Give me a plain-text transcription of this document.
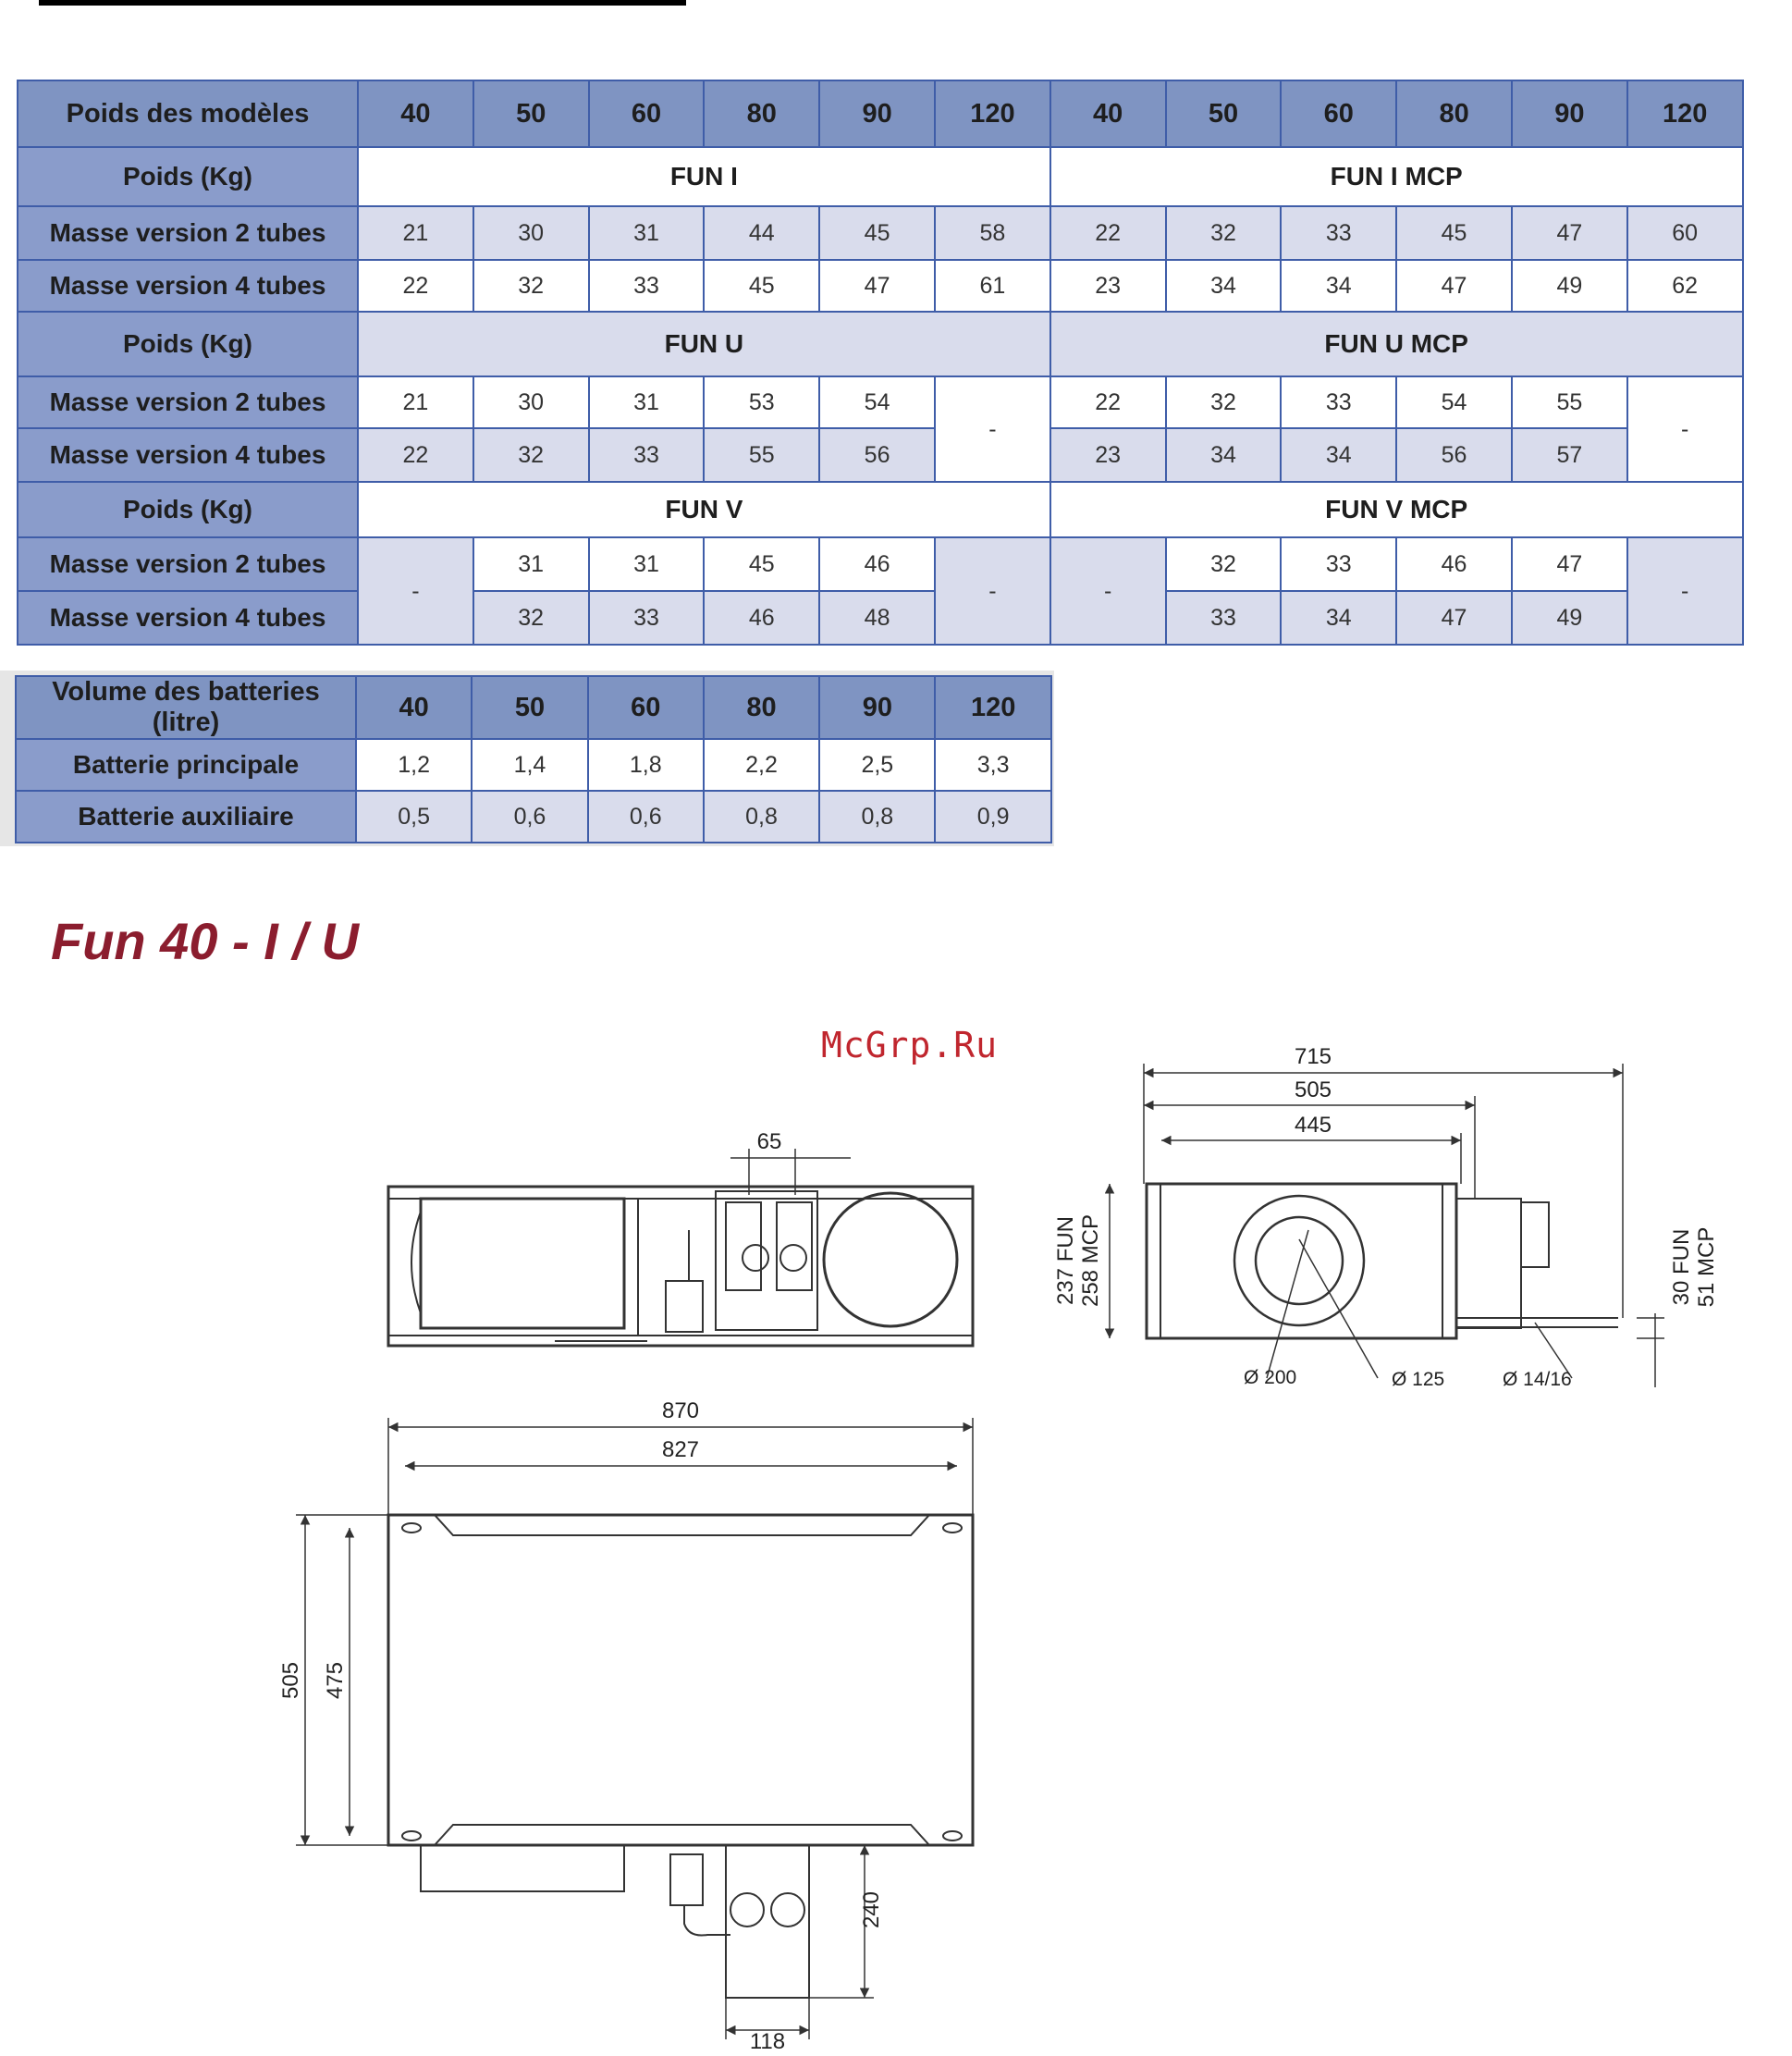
Poids des modèles	40	50	60	80	90	120	40	50	60	80	90	120
Poids (Kg)	FUN I						FUN I MCP					
Masse version 2 tubes	21	30	31	44	45	58	22	32	33	45	47	60
Masse version 4 tubes	22	32	33	45	47	61	23	34	34	47	49	62
Poids (Kg)	FUN U						FUN U MCP					
Masse version 2 tubes	21	30	31	53	54	-	22	32	33	54	55	-
Masse version 4 tubes	22	32	33	55	56		23	34	34	56	57	
Poids (Kg)	FUN V						FUN V MCP					
Masse version 2 tubes	-	31	31	45	46	-	-	32	33	46	47	-
Masse version 4 tubes		32	33	46	48			33	34	47	49	
Volume des batteries (litre)	40	50	60	80	90	120
Batterie principale	1,2	1,4	1,8	2,2	2,5	3,3
Batterie auxiliaire	0,5	0,6	0,6	0,8	0,8	0,9
Fun 40 - I / U
McGrp.Ru
65
715
505
445
237 FUN 258 MCP	30 FUN 51 MCP
Ø 200	Ø 125	Ø 14/16
870
827
505 475
240
118
